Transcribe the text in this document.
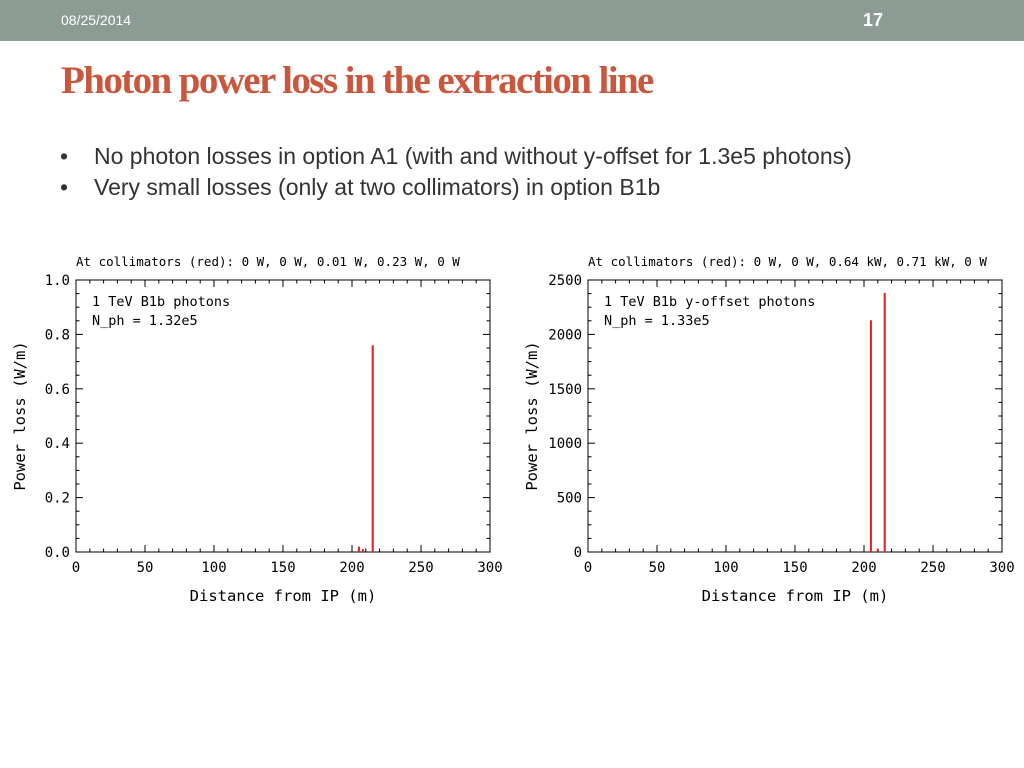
08/25/2014	17
Photon power loss in the extraction line
• No photon losses in option A1 (with and without y-offset for 1.3e5 photons)
• Very small losses (only at two collimators) in option B1b
At collimators (red): 0 W, 0 W, 0.01 W, 0.23 W, 0 W
0	50	100	150	200	250	300
0.0
0.2
0.4
0.6
0.8
1.0
Distance from IP (m)
Power loss (W/m)
1 TeV B1b photons
N_ph = 1.32e5
At collimators (red): 0 W, 0 W, 0.64 kW, 0.71 kW, 0 W
0	50	100	150	200	250	300
0
500
1000
1500
2000
2500
Distance from IP (m)
Power loss (W/m)
1 TeV B1b y-offset photons
N_ph = 1.33e5
